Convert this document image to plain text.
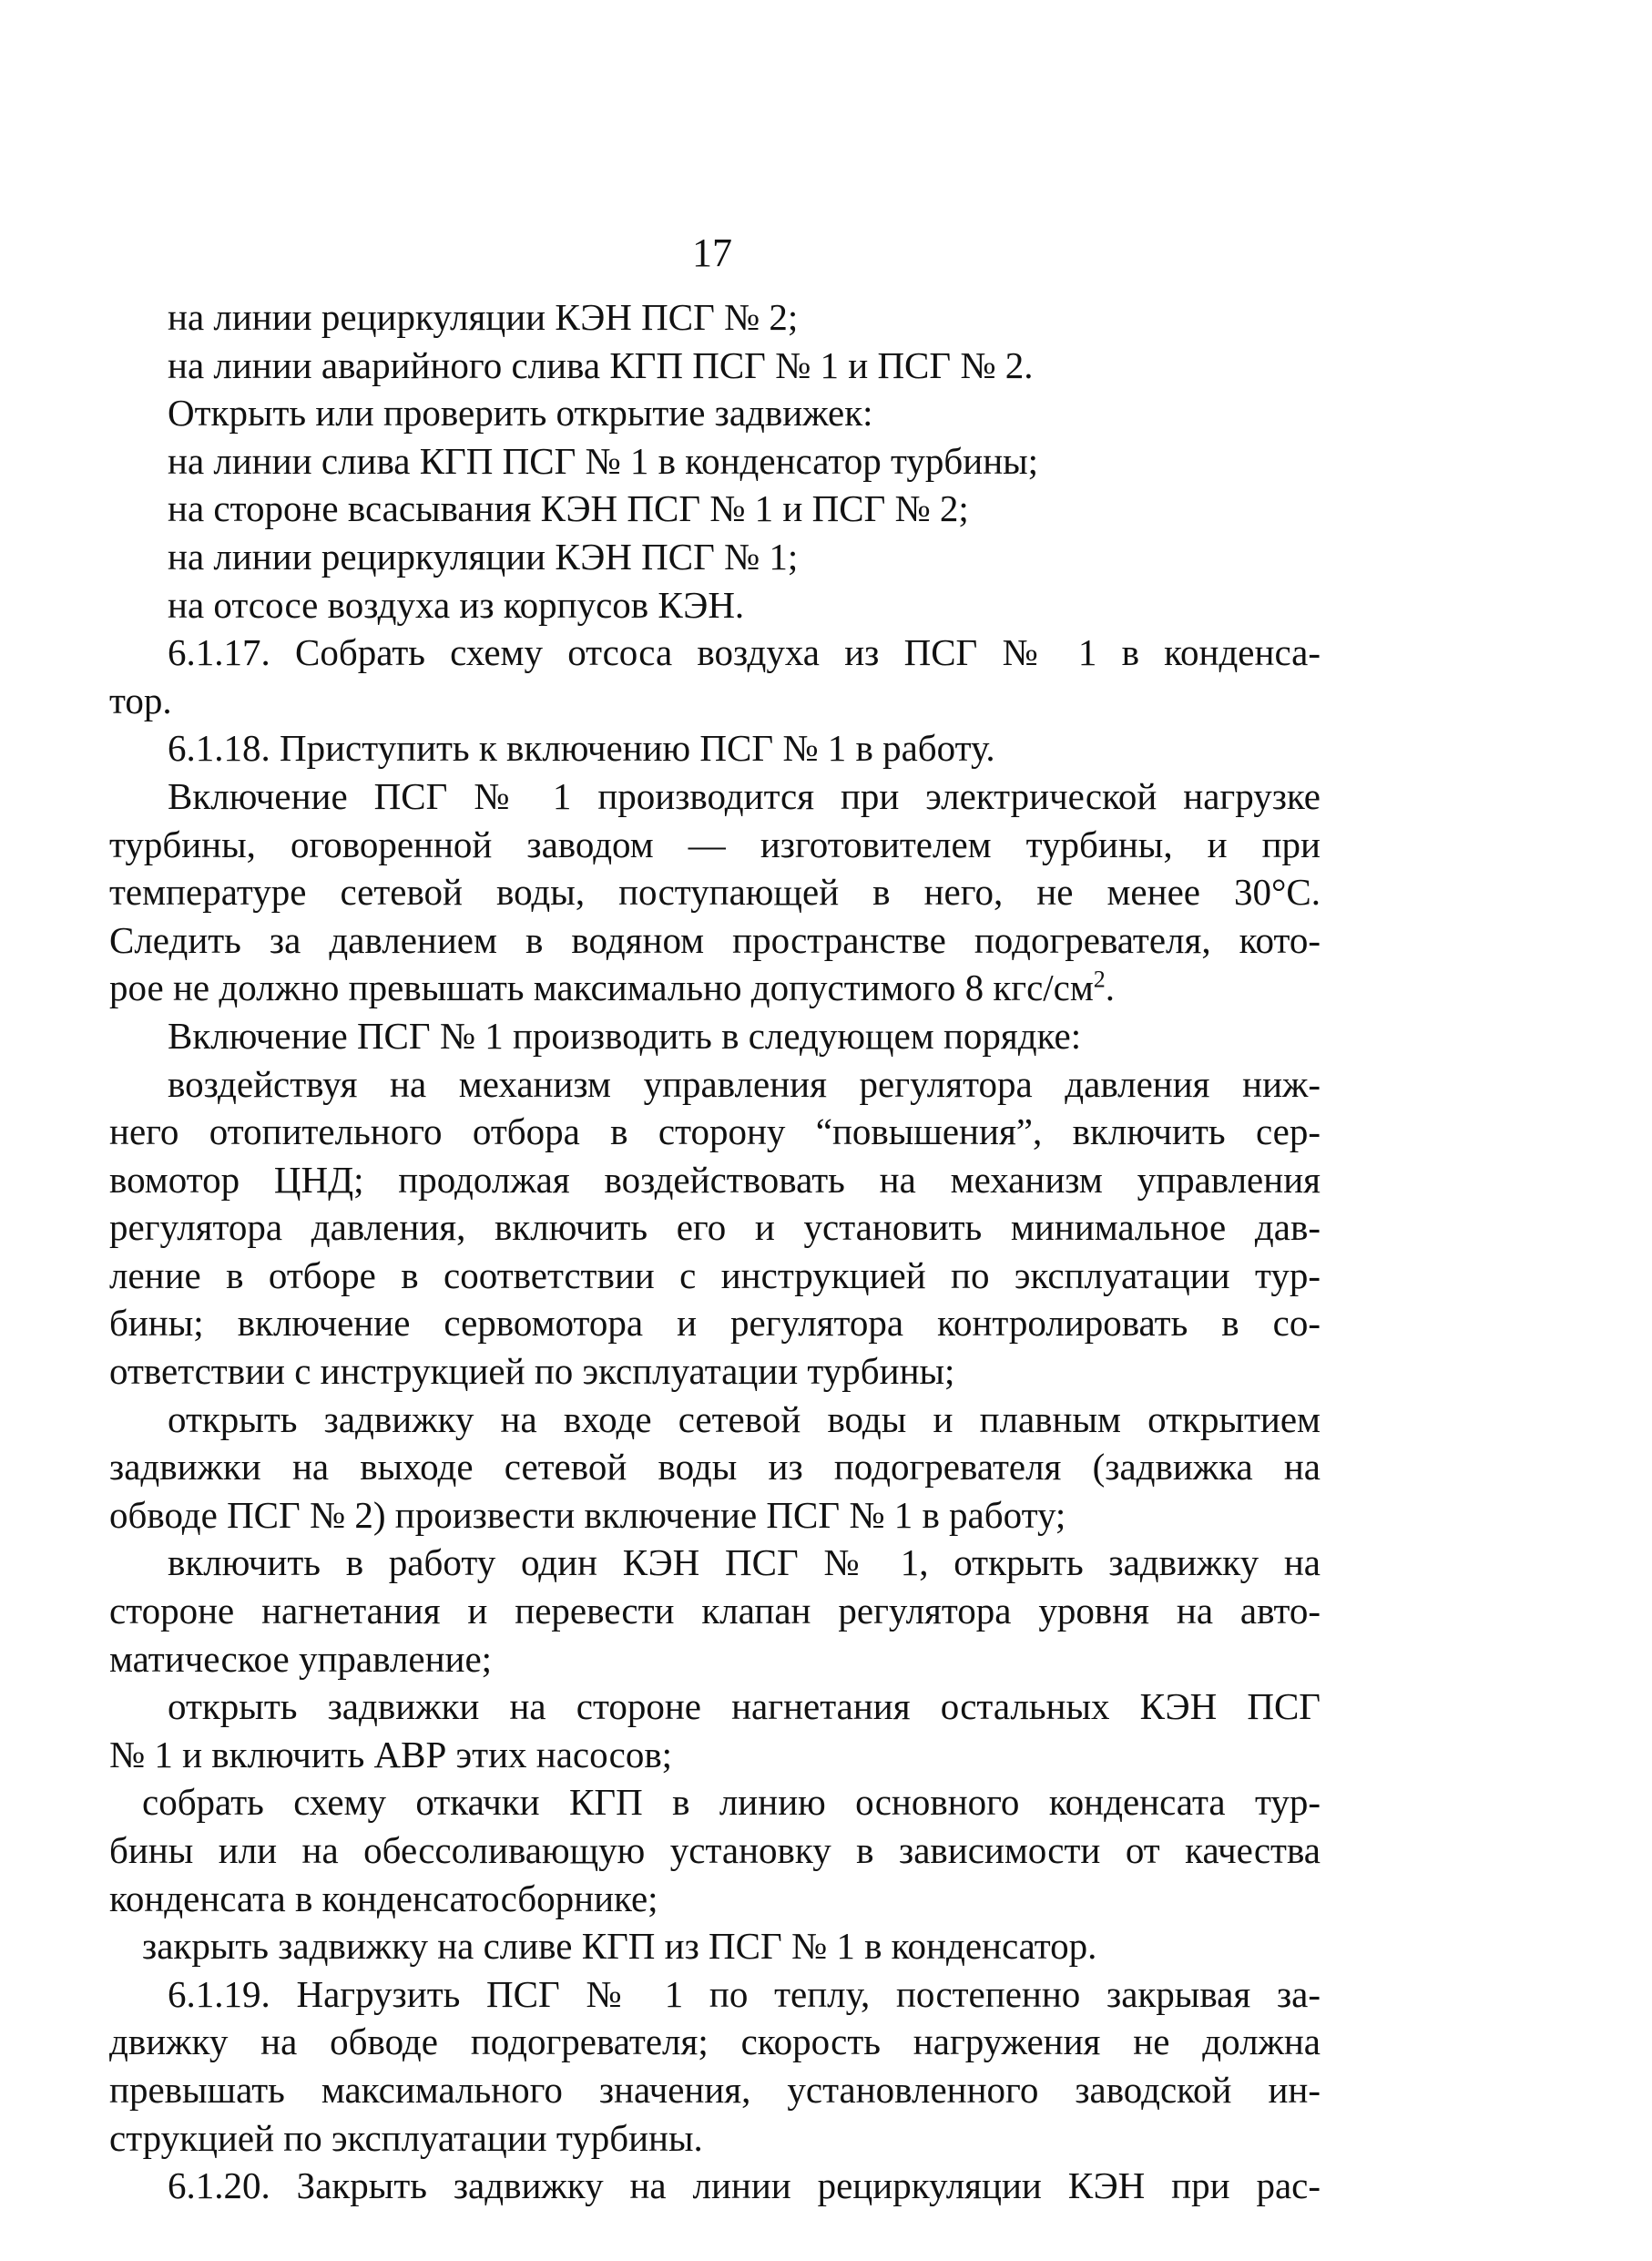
17
на линии рециркуляции КЭН ПСГ № 2;
на линии аварийного слива КГП ПСГ № 1 и ПСГ № 2.
Открыть или проверить открытие задвижек:
на линии слива КГП ПСГ № 1 в конденсатор турбины;
на стороне всасывания КЭН ПСГ № 1 и ПСГ № 2;
на линии рециркуляции КЭН ПСГ № 1;
на отсосе воздуха из корпусов КЭН.
6.1.17. Собрать схему отсоса воздуха из ПСГ № 1 в конденса-
тор.
6.1.18. Приступить к включению ПСГ № 1 в работу.
Включение ПСГ № 1 производится при электрической нагрузке
турбины, оговоренной заводом — изготовителем турбины, и при
температуре сетевой воды, поступающей в него, не менее 30°С.
Следить за давлением в водяном пространстве подогревателя, кото-
рое не должно превышать максимально допустимого 8 кгс/$см^2$.
Включение ПСГ № 1 производить в следующем порядке:
воздействуя на механизм управления регулятора давления ниж-
него отопительного отбора в сторону “повышения”, включить сер-
вомотор ЦНД; продолжая воздействовать на механизм управления
регулятора давления, включить его и установить минимальное дав-
ление в отборе в соответствии с инструкцией по эксплуатации тур-
бины; включение сервомотора и регулятора контролировать в со-
ответствии с инструкцией по эксплуатации турбины;
открыть задвижку на входе сетевой воды и плавным открытием
задвижки на выходе сетевой воды из подогревателя (задвижка на
обводе ПСГ № 2) произвести включение ПСГ № 1 в работу;
включить в работу один КЭН ПСГ № 1, открыть задвижку на
стороне нагнетания и перевести клапан регулятора уровня на авто-
матическое управление;
открыть задвижки на стороне нагнетания остальных КЭН ПСГ
№ 1 и включить АВР этих насосов;
собрать схему откачки КГП в линию основного конденсата тур-
бины или на обессоливающую установку в зависимости от качества
конденсата в конденсатосборнике;
закрыть задвижку на сливе КГП из ПСГ № 1 в конденсатор.
6.1.19. Нагрузить ПСГ № 1 по теплу, постепенно закрывая за-
движку на обводе подогревателя; скорость нагружения не должна
превышать максимального значения, установленного заводской ин-
струкцией по эксплуатации турбины.
6.1.20. Закрыть задвижку на линии рециркуляции КЭН при рас-
